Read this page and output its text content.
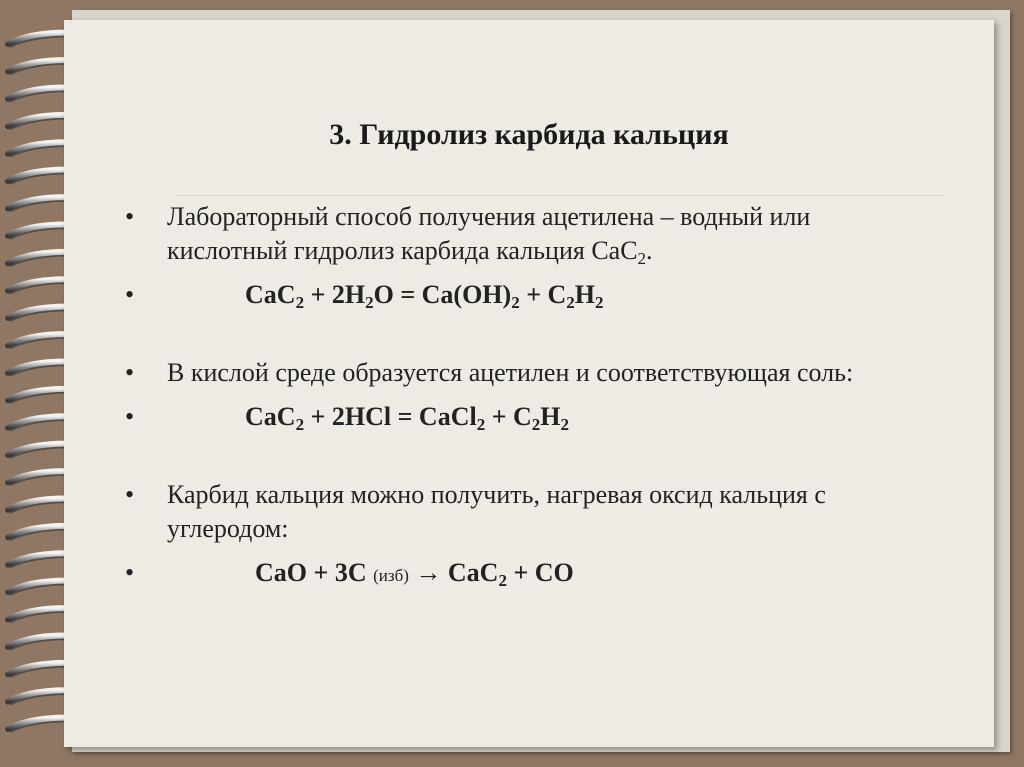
3. Гидролиз карбида кальция
• Лабораторный способ получения ацетилена – водный или кислотный гидролиз карбида кальция CaC$_2$.
•	$CaC_2 + 2H_2O = Ca(OH)_2 + C_2H_2$
• В кислой среде образуется ацетилен и соответствующая соль:
•	CaC$_2$ + 2HCl = CaCl$_2$ + $C_2H_2$
• Карбид кальция можно получить, нагревая оксид кальция с углеродом:
•	CaO + 3C (изб) → CaC$_2$ + CO
